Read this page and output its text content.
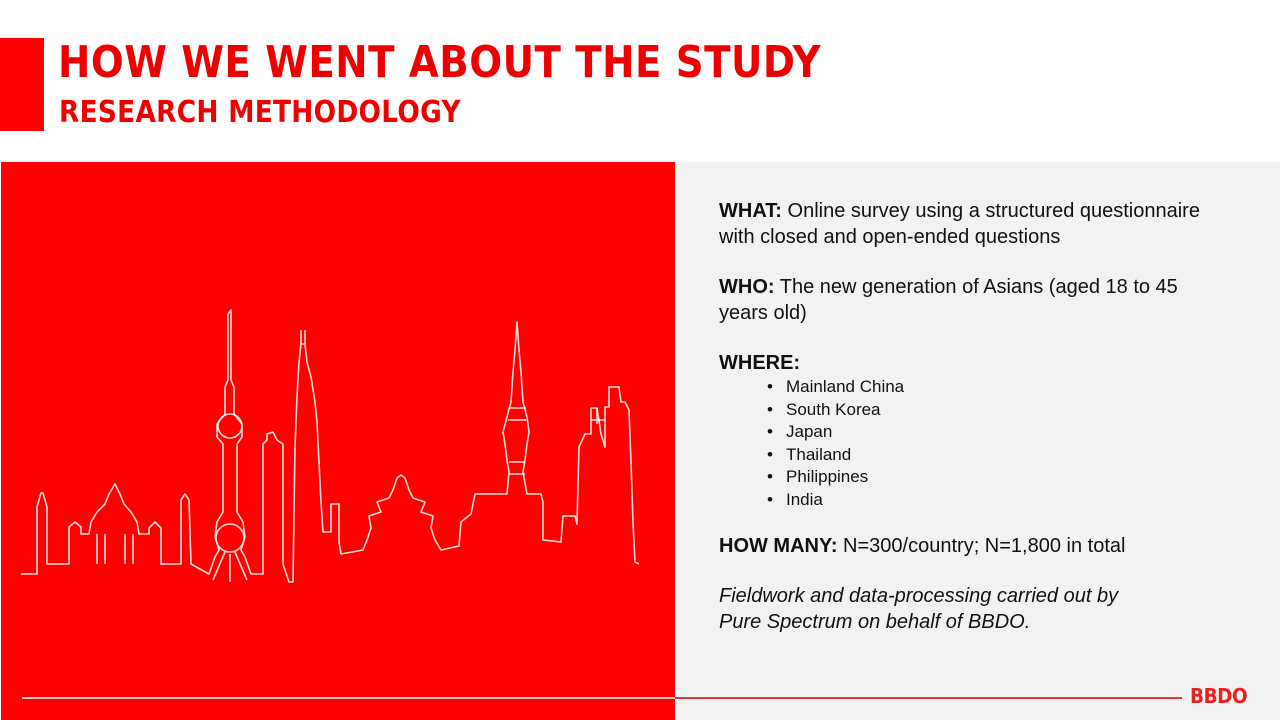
HOW WE WENT ABOUT THE STUDY
RESEARCH METHODOLOGY

WHAT: Online survey using a structured questionnaire with closed and open-ended questions

WHO: The new generation of Asians (aged 18 to 45 years old)

WHERE:

• Mainland China
• South Korea
• Japan
• Thailand
• Philippines
• India

HOW MANY: N=300/country; N=1,800 in total

Fieldwork and data-processing carried out by
Pure Spectrum on behalf of BBDO.

BBDO
